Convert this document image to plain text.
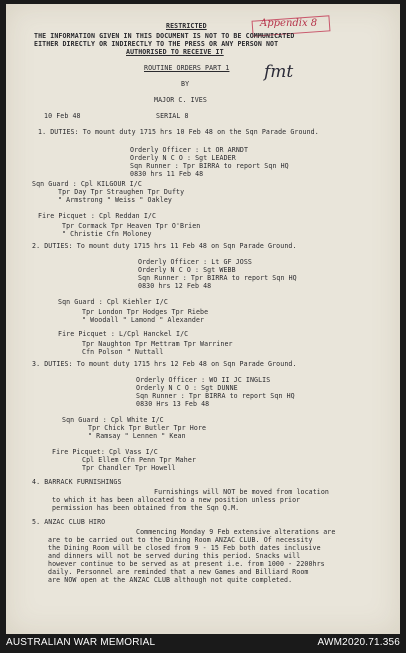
RESTRICTED	Appendix 8
THE INFORMATION GIVEN IN THIS DOCUMENT IS NOT TO BE COMMUNICATED
EITHER DIRECTLY OR INDIRECTLY TO THE PRESS OR ANY PERSON NOT
AUTHORISED TO RECEIVE IT
fmt
ROUTINE ORDERS PART 1
BY
MAJOR C. IVES
10 Feb 48	SERIAL 8
1. DUTIES: To mount duty 1715 hrs 10 Feb 48 on the Sqn Parade Ground.
Orderly Officer : Lt OR ARNDT
Orderly N C O : Sgt LEADER
Sqn Runner : Tpr BIRRA to report Sqn HQ
0830 hrs 11 Feb 48
Sqn Guard : Cpl KILGOUR I/C
Tpr Day Tpr Straughen Tpr Dufty
" Armstrong " Weiss " Oakley
Fire Picquet : Cpl Reddan I/C
Tpr Cormack Tpr Heaven Tpr O'Brien
" Christie Cfn Moloney
2. DUTIES: To mount duty 1715 hrs 11 Feb 48 on Sqn Parade Ground.
Orderly Officer : Lt GF JOSS
Orderly N C O : Sgt WEBB
Sqn Runner : Tpr BIRRA to report Sqn HQ
0830 hrs 12 Feb 48
Sqn Guard : Cpl Kiehler I/C
Tpr London Tpr Hodges Tpr Riebe
" Woodall " Lamond " Alexander
Fire Picquet : L/Cpl Hanckel I/C
Tpr Naughton Tpr Mettram Tpr Warriner
Cfn Polson " Nuttall
3. DUTIES: To mount duty 1715 hrs 12 Feb 48 on Sqn Parade Ground.
Orderly Officer : WO II JC INGLIS
Orderly N C O : Sgt DUNNE
Sqn Runner : Tpr BIRRA to report Sqn HQ
0830 Hrs 13 Feb 48
Sqn Guard : Cpl White I/C
Tpr Chick Tpr Butler Tpr Hore
" Ramsay " Lennen " Kean
Fire Picquet: Cpl Vass I/C
Cpl Ellem Cfn Penn Tpr Maher
Tpr Chandler Tpr Howell
4. BARRACK FURNISHINGS
Furnishings will NOT be moved from location
to which it has been allocated to a new position unless prior
permission has been obtained from the Sqn Q.M.
5. ANZAC CLUB HIRO
Commencing Monday 9 Feb extensive alterations are
are to be carried out to the Dining Room ANZAC CLUB. Of necessity
the Dining Room will be closed from 9 - 15 Feb both dates inclusive
and dinners will not be served during this period. Snacks will
however continue to be served as at present i.e. from 1000 - 2200hrs
daily. Personnel are reminded that a new Games and Billiard Room
are NOW open at the ANZAC CLUB although not quite completed.
AUSTRALIAN WAR MEMORIAL	AWM2020.71.356
